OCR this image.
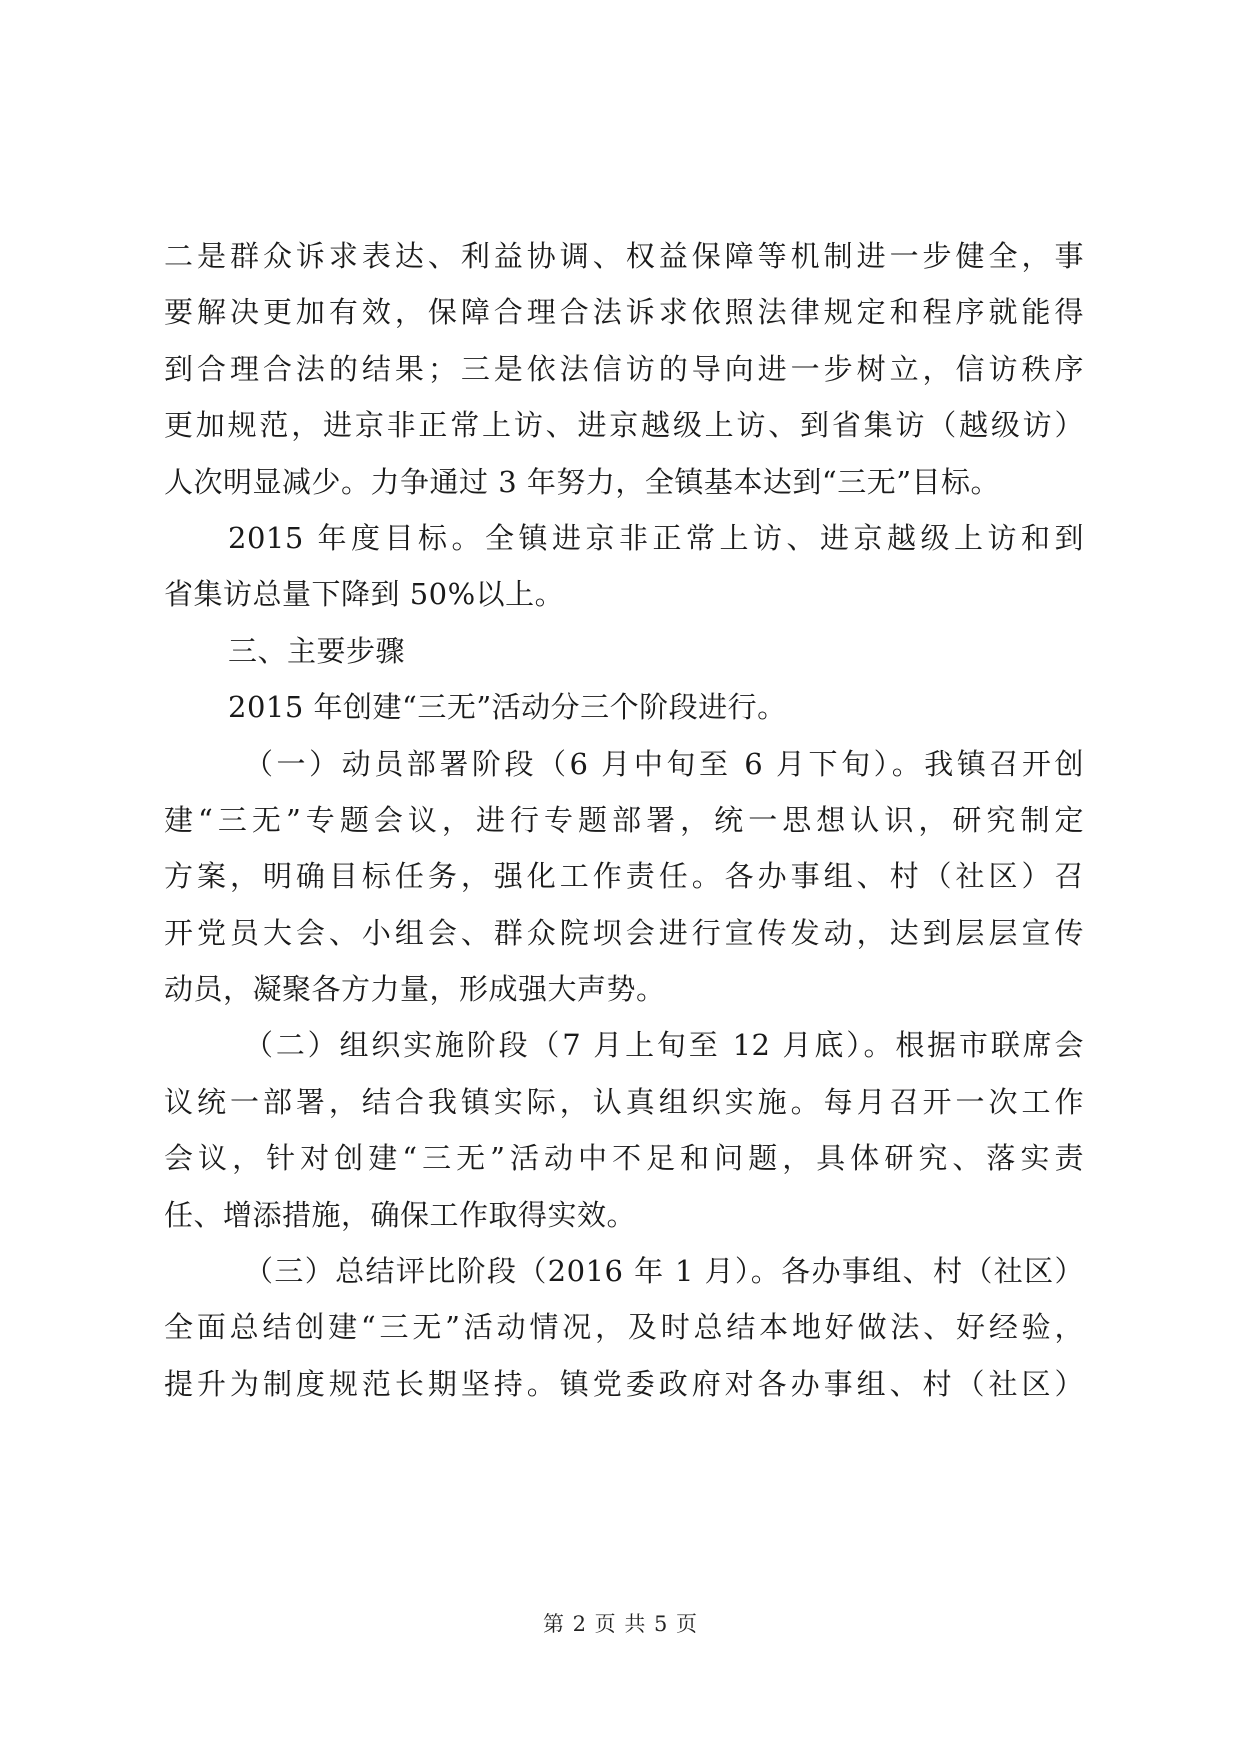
二是群众诉求表达、利益协调、权益保障等机制进一步健全，事
要解决更加有效，保障合理合法诉求依照法律规定和程序就能得
到合理合法的结果；三是依法信访的导向进一步树立，信访秩序
更加规范，进京非正常上访、进京越级上访、到省集访（越级访）
人次明显减少。力争通过 3 年努力，全镇基本达到“三无”目标。
2015 年度目标。全镇进京非正常上访、进京越级上访和到
省集访总量下降到 50%以上。
三、主要步骤
2015 年创建“三无”活动分三个阶段进行。
（一）动员部署阶段（6 月中旬至 6 月下旬）。我镇召开创
建“三无”专题会议，进行专题部署，统一思想认识，研究制定
方案，明确目标任务，强化工作责任。各办事组、村（社区）召
开党员大会、小组会、群众院坝会进行宣传发动，达到层层宣传
动员，凝聚各方力量，形成强大声势。
（二）组织实施阶段（7 月上旬至 12 月底）。根据市联席会
议统一部署，结合我镇实际，认真组织实施。每月召开一次工作
会议，针对创建“三无”活动中不足和问题，具体研究、落实责
任、增添措施，确保工作取得实效。
（三）总结评比阶段（2016 年 1 月）。各办事组、村（社区）
全面总结创建“三无”活动情况，及时总结本地好做法、好经验，
提升为制度规范长期坚持。镇党委政府对各办事组、村（社区）
第 2 页 共 5 页
